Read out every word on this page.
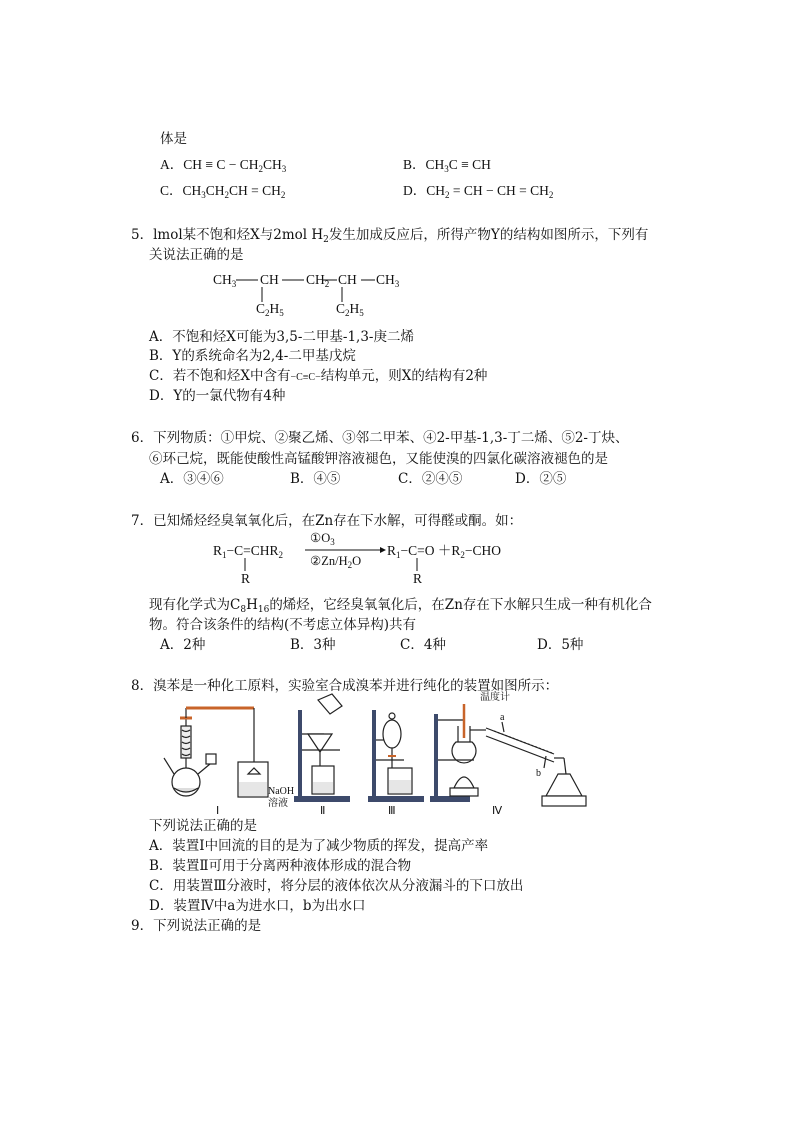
体是
A．CH ≡ $C - CH_2CH_3$	B．$CH_3C$ ≡ CH
C．$CH_3CH_2CH = CH_2$	D．$CH_2$ = CH − CH = $CH_2$
5．lmol某不饱和烃X与2mol $H_2$发生加成反应后，所得产物Y的结构如图所示，下列有
关说法正确的是
$CH_3$ CH $CH_2$ CH $CH_3$
$C_2H_5$	$C_2H_5$
A．不饱和烃X可能为3,5-二甲基-1,3-庚二烯
B．Y的系统命名为2,4-二甲基戊烷
C．若不饱和烃X中含有−C≡C−结构单元，则X的结构有2种
D．Y的一氯代物有4种
6．下列物质：①甲烷、②聚乙烯、③邻二甲苯、④2-甲基-1,3-丁二烯、⑤2-丁炔、
⑥环己烷，既能使酸性高锰酸钾溶液褪色，又能使溴的四氯化碳溶液褪色的是
A．③④⑥	B．④⑤	C．②④⑤	D．②⑤
7．已知烯烃经臭氧氧化后，在Zn存在下水解，可得醛或酮。如：
$R_1-C=CHR_2$
$①O_3$
②Zn/$H_2O$
$R_1-C=O +R_2-CHO$
R	R
现有化学式为$C_8H_{16}$的烯烃，它经臭氧氧化后，在Zn存在下水解只生成一种有机化合
物。符合该条件的结构(不考虑立体异构)共有
A．2种	B．3种	C．4种	D．5种
8．溴苯是一种化工原料，实验室合成溴苯并进行纯化的装置如图所示：
温度计
NaOH
溶液
a
b
Ⅰ	Ⅱ	Ⅲ	Ⅳ
下列说法正确的是
A．装置Ⅰ中回流的目的是为了减少物质的挥发，提高产率
B．装置Ⅱ可用于分离两种液体形成的混合物
C．用装置Ⅲ分液时，将分层的液体依次从分液漏斗的下口放出
D．装置Ⅳ中a为进水口，b为出水口
9．下列说法正确的是
